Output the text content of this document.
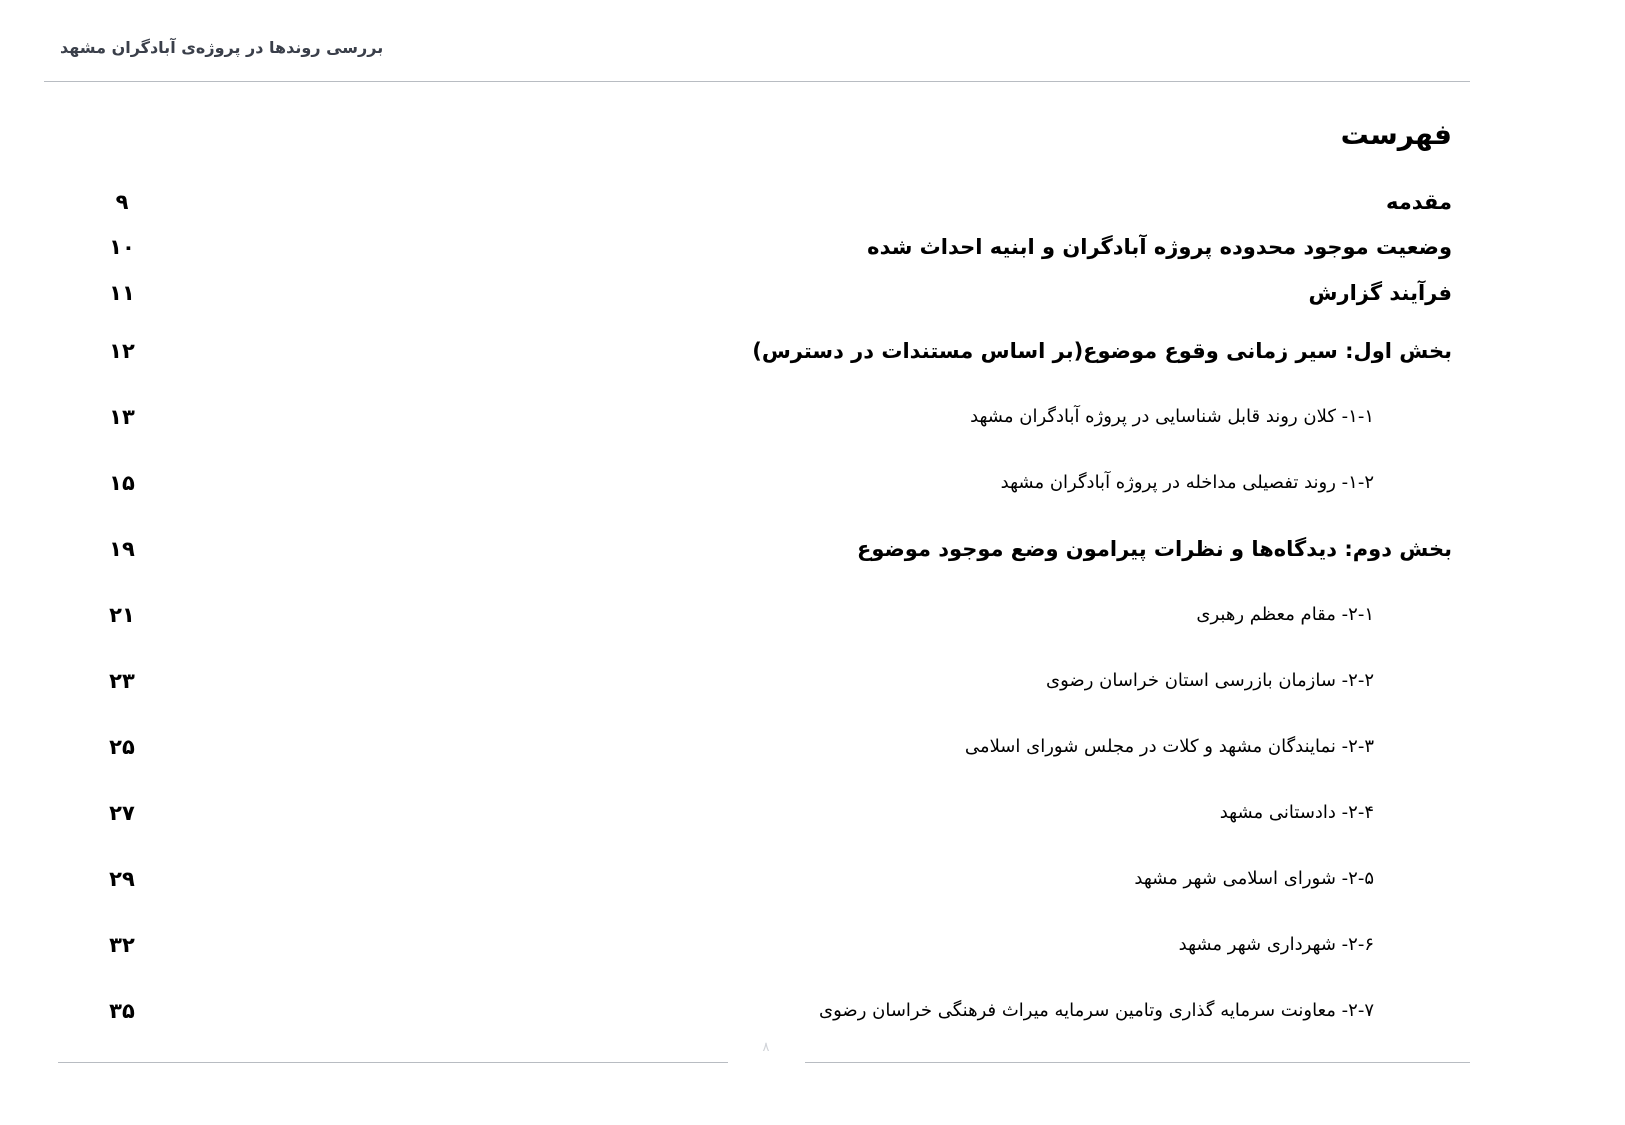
بررسی روندها در پروژه‌ی آبادگران مشهد
فهرست
مقدمه
۹
وضعیت موجود محدوده پروژه آبادگران و ابنیه احداث شده
۱۰
فرآیند گزارش
۱۱
بخش اول: سیر زمانی وقوع موضوع(بر اساس مستندات در دسترس)
۱۲
۱-۱- کلان روند قابل شناسایی در پروژه آبادگران مشهد
۱۳
۱-۲- روند تفصیلی مداخله در پروژه آبادگران مشهد
۱۵
بخش دوم: دیدگاه‌ها و نظرات پیرامون وضع موجود موضوع
۱۹
۲-۱- مقام معظم رهبری
۲۱
۲-۲- سازمان بازرسی استان خراسان رضوی
۲۳
۲-۳- نمایندگان مشهد و کلات در مجلس شورای اسلامی
۲۵
۲-۴- دادستانی مشهد
۲۷
۲-۵- شورای اسلامی شهر مشهد
۲۹
۲-۶- شهرداری شهر مشهد
۳۲
۲-۷- معاونت سرمایه گذاری وتامین سرمایه میراث فرهنگی خراسان رضوی
۳۵
۸
